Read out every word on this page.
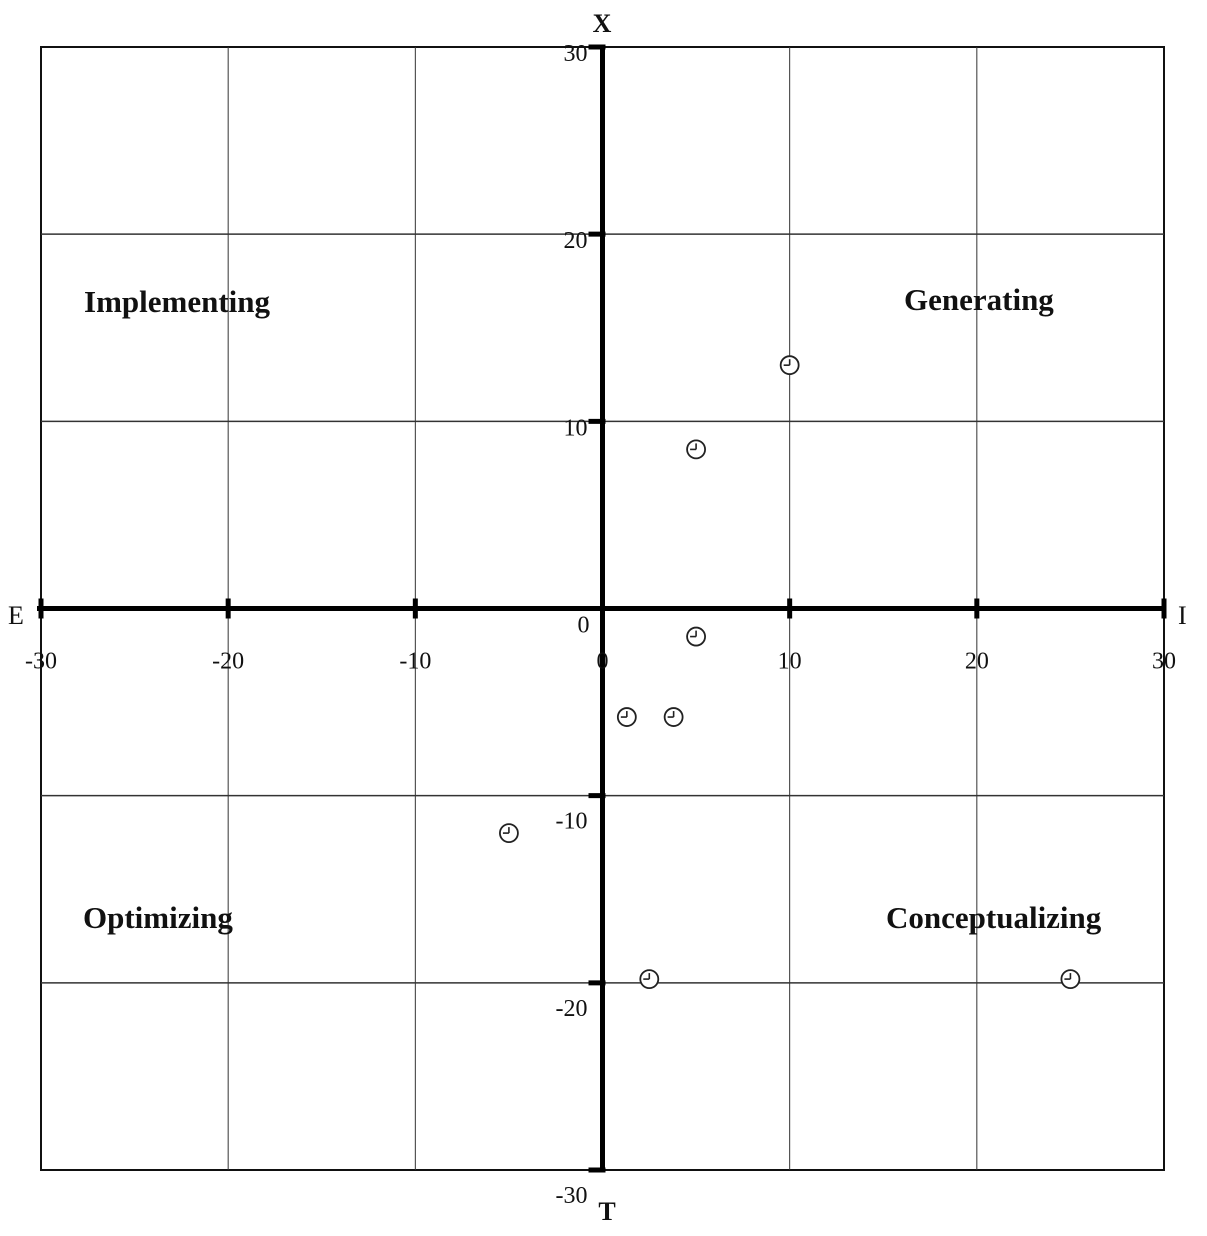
X
T
E	I
Implementing	Generating
Optimizing	Conceptualizing
-30	-20	-10	0	10	20	30
30
20
10
0
-10
-20
-30
